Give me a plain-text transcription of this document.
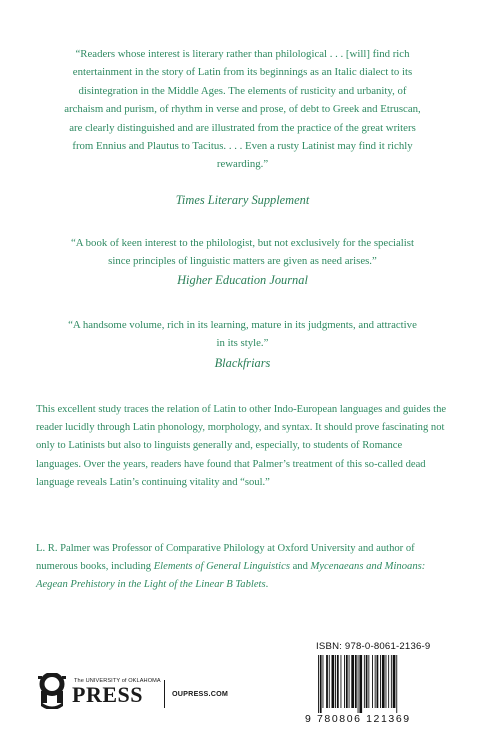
“Readers whose interest is literary rather than philological . . . [will] find rich entertainment in the story of Latin from its beginnings as an Italic dialect to its disintegration in the Middle Ages. The elements of rusticity and urbanity, of archaism and purism, of rhythm in verse and prose, of debt to Greek and Etruscan, are clearly distinguished and are illustrated from the practice of the great writers from Ennius and Plautus to Tacitus. . . . Even a rusty Latinist may find it richly rewarding.”

Times Literary Supplement

“A book of keen interest to the philologist, but not exclusively for the specialist since principles of linguistic matters are given as need arises.”

Higher Education Journal

“A handsome volume, rich in its learning, mature in its judgments, and attractive in its style.”

Blackfriars

This excellent study traces the relation of Latin to other Indo-European languages and guides the reader lucidly through Latin phonology, morphology, and syntax. It should prove fascinating not only to Latinists but also to linguists generally and, especially, to students of Romance languages. Over the years, readers have found that Palmer’s treatment of this so-called dead language reveals Latin’s continuing vitality and “soul.”

L. R. Palmer was Professor of Comparative Philology at Oxford University and author of numerous books, including Elements of General Linguistics and Mycenaeans and Minoans: Aegean Prehistory in the Light of the Linear B Tablets.

The UNIVERSITY of OKLAHOMA
PRESS	OUPRESS.COM
ISBN: 978-0-8061-2136-9
9 780806 121369
